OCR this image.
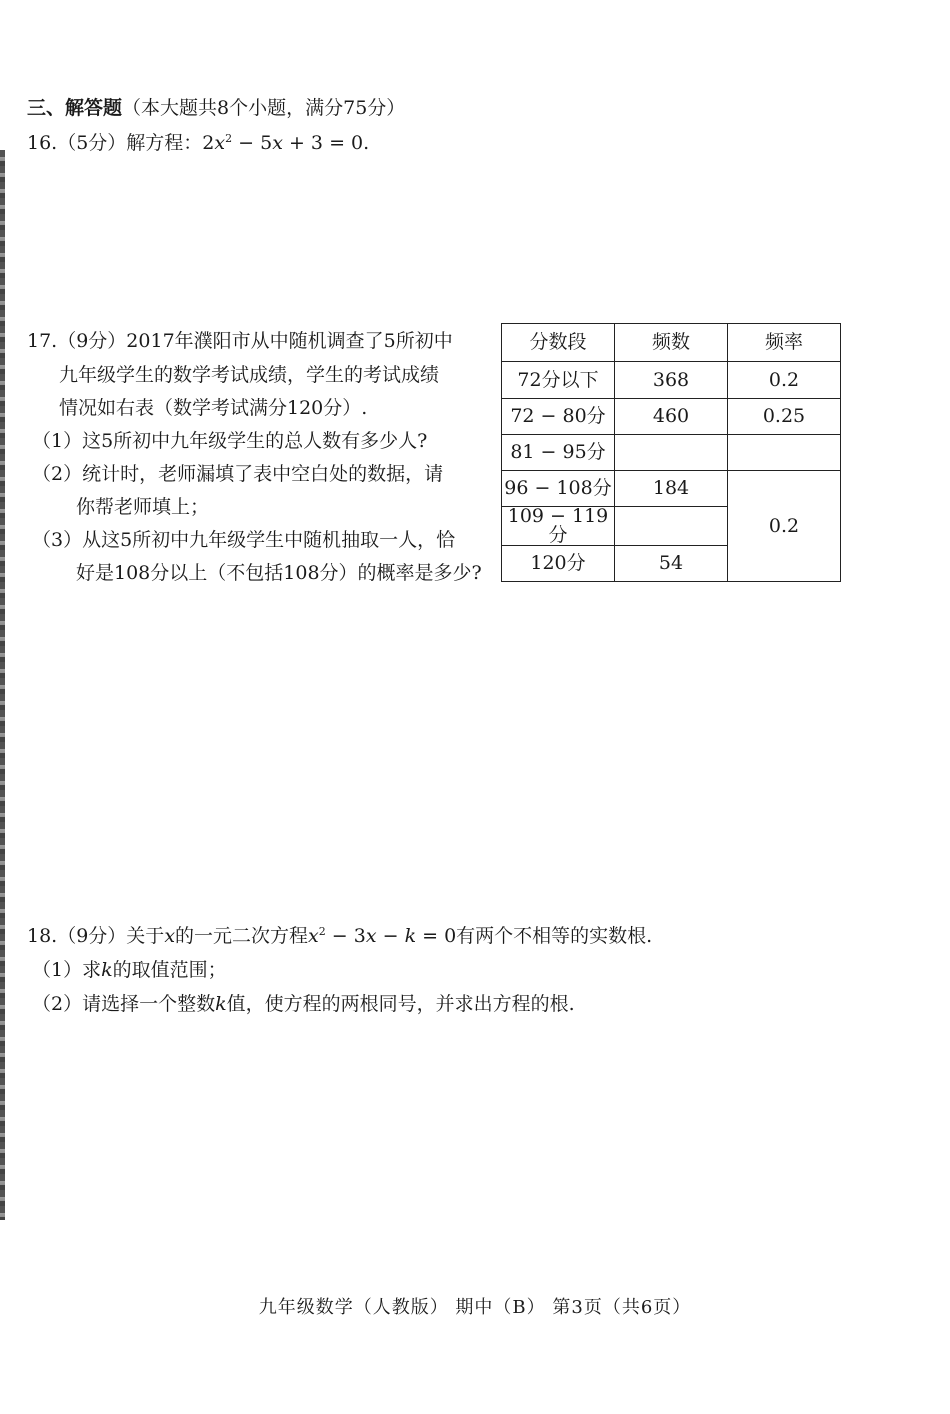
三、解答题（本大题共8个小题，满分75分）
16.（5分）解方程：$2x^2 - 5x + 3 = 0$.
17.（9分）2017年濮阳市从中随机调查了5所初中
九年级学生的数学考试成绩，学生的考试成绩
情况如右表（数学考试满分120分）.
（1）这5所初中九年级学生的总人数有多少人?
（2）统计时，老师漏填了表中空白处的数据，请
你帮老师填上；
（3）从这5所初中九年级学生中随机抽取一人，恰
好是108分以上（不包括108分）的概率是多少?
分数段	频数	频率
72分以下	368	0.2
72 − 80分	460	0.25
81 − 95分		
96 − 108分	184	0.2
109 − 119分		
120分	54	
18.（9分）关于x的一元二次方程$x^2 - 3x - k = 0$有两个不相等的实数根.
（1）求k的取值范围；
（2）请选择一个整数k值，使方程的两根同号，并求出方程的根.
九年级数学（人教版） 期中（B） 第3页（共6页）
